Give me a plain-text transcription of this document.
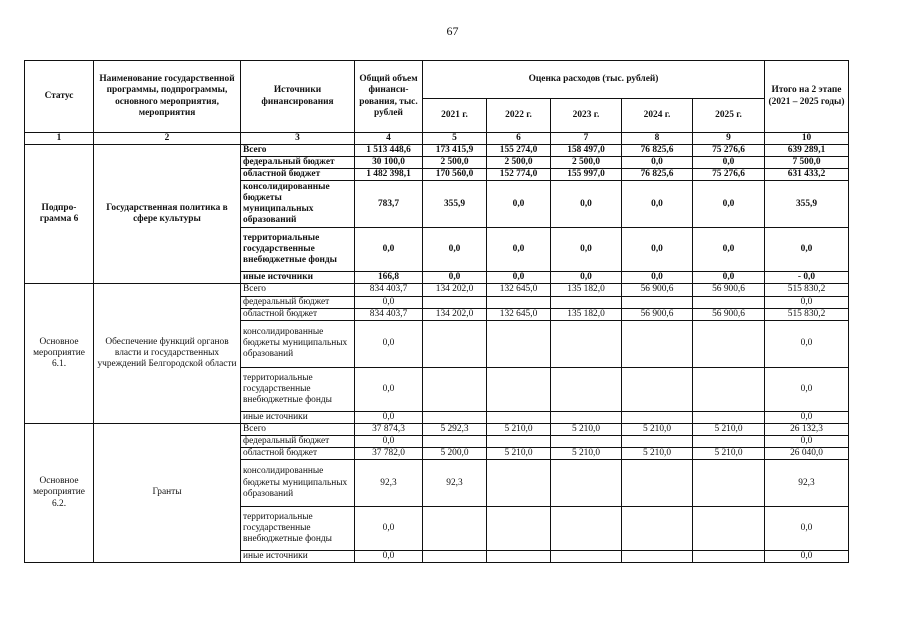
67
Статус	Наименование государственной программы, подпрограммы, основного мероприятия, мероприятия	Источники финансирования	Общий объем финанси-рования, тыс. рублей	Оценка расходов (тыс. рублей)					Итого на 2 этапе (2021 – 2025 годы)
				2021 г.	2022 г.	2023 г.	2024 г.	2025 г.	
1	2	3	4	5	6	7	8	9	10
Подпро-грамма 6	Государственная политика в сфере культуры	Всего	1 513 448,6	173 415,9	155 274,0	158 497,0	76 825,6	75 276,6	639 289,1
		федеральный бюджет	30 100,0	2 500,0	2 500,0	2 500,0	0,0	0,0	7 500,0
		областной бюджет	1 482 398,1	170 560,0	152 774,0	155 997,0	76 825,6	75 276,6	631 433,2
		консолидированные бюджеты муниципальных образований	783,7	355,9	0,0	0,0	0,0	0,0	355,9
		территориальные государственные внебюджетные фонды	0,0	0,0	0,0	0,0	0,0	0,0	0,0
		иные источники	166,8	0,0	0,0	0,0	0,0	0,0	- 0,0
Основное мероприятие 6.1.	Обеспечение функций органов власти и государственных учреждений Белгородской области	Всего	834 403,7	134 202,0	132 645,0	135 182,0	56 900,6	56 900,6	515 830,2
		федеральный бюджет	0,0						0,0
		областной бюджет	834 403,7	134 202,0	132 645,0	135 182,0	56 900,6	56 900,6	515 830,2
		консолидированные бюджеты муниципальных образований	0,0						0,0
		территориальные государственные внебюджетные фонды	0,0						0,0
		иные источники	0,0						0,0
Основное мероприятие 6.2.	Гранты	Всего	37 874,3	5 292,3	5 210,0	5 210,0	5 210,0	5 210,0	26 132,3
		федеральный бюджет	0,0						0,0
		областной бюджет	37 782,0	5 200,0	5 210,0	5 210,0	5 210,0	5 210,0	26 040,0
		консолидированные бюджеты муниципальных образований	92,3	92,3					92,3
		территориальные государственные внебюджетные фонды	0,0						0,0
		иные источники	0,0						0,0
